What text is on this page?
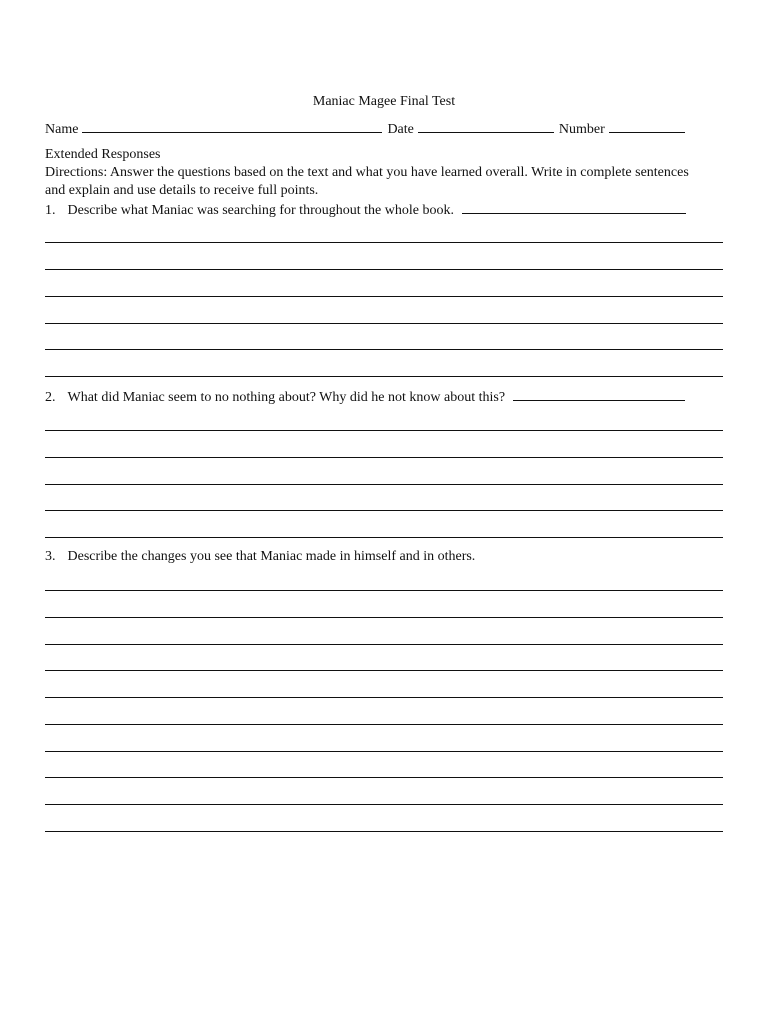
Maniac Magee Final Test
Name	Date	Number
Extended Responses
Directions: Answer the questions based on the text and what you have learned overall. Write in complete sentences and explain and use details to receive full points.
1. Describe what Maniac was searching for throughout the whole book.
2. What did Maniac seem to no nothing about? Why did he not know about this?
3. Describe the changes you see that Maniac made in himself and in others.
